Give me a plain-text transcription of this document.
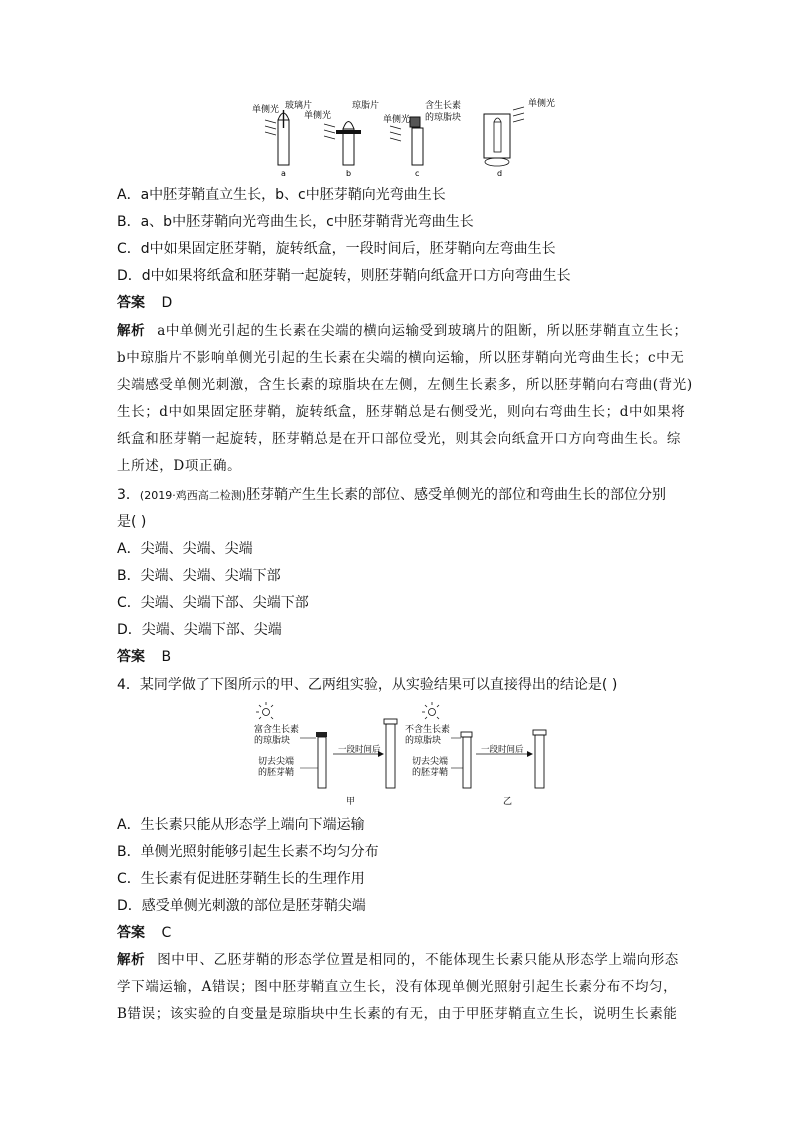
单侧光 玻璃片
a
单侧光
琼脂片
b
单侧光
含生长素
的琼脂块
c
单侧光
d
A．a中胚芽鞘直立生长，b、c中胚芽鞘向光弯曲生长
B．a、b中胚芽鞘向光弯曲生长，c中胚芽鞘背光弯曲生长
C．d中如果固定胚芽鞘，旋转纸盒，一段时间后，胚芽鞘向左弯曲生长
D．d中如果将纸盒和胚芽鞘一起旋转，则胚芽鞘向纸盒开口方向弯曲生长
答案 D
解析 a中单侧光引起的生长素在尖端的横向运输受到玻璃片的阻断，所以胚芽鞘直立生长；
b中琼脂片不影响单侧光引起的生长素在尖端的横向运输，所以胚芽鞘向光弯曲生长；c中无
尖端感受单侧光刺激，含生长素的琼脂块在左侧，左侧生长素多，所以胚芽鞘向右弯曲(背光)
生长；d中如果固定胚芽鞘，旋转纸盒，胚芽鞘总是右侧受光，则向右弯曲生长；d中如果将
纸盒和胚芽鞘一起旋转，胚芽鞘总是在开口部位受光，则其会向纸盒开口方向弯曲生长。综
上所述，D项正确。
3．(2019·鸡西高二检测)胚芽鞘产生生长素的部位、感受单侧光的部位和弯曲生长的部位分别
是( )
A．尖端、尖端、尖端
B．尖端、尖端、尖端下部
C．尖端、尖端下部、尖端下部
D．尖端、尖端下部、尖端
答案 B
4．某同学做了下图所示的甲、乙两组实验，从实验结果可以直接得出的结论是( )
富含生长素
的琼脂块
切去尖端
的胚芽鞘
一段时间后
甲
不含生长素
的琼脂块
切去尖端
的胚芽鞘
一段时间后
乙
A．生长素只能从形态学上端向下端运输
B．单侧光照射能够引起生长素不均匀分布
C．生长素有促进胚芽鞘生长的生理作用
D．感受单侧光刺激的部位是胚芽鞘尖端
答案 C
解析 图中甲、乙胚芽鞘的形态学位置是相同的，不能体现生长素只能从形态学上端向形态
学下端运输，A错误；图中胚芽鞘直立生长，没有体现单侧光照射引起生长素分布不均匀，
B错误；该实验的自变量是琼脂块中生长素的有无，由于甲胚芽鞘直立生长，说明生长素能
